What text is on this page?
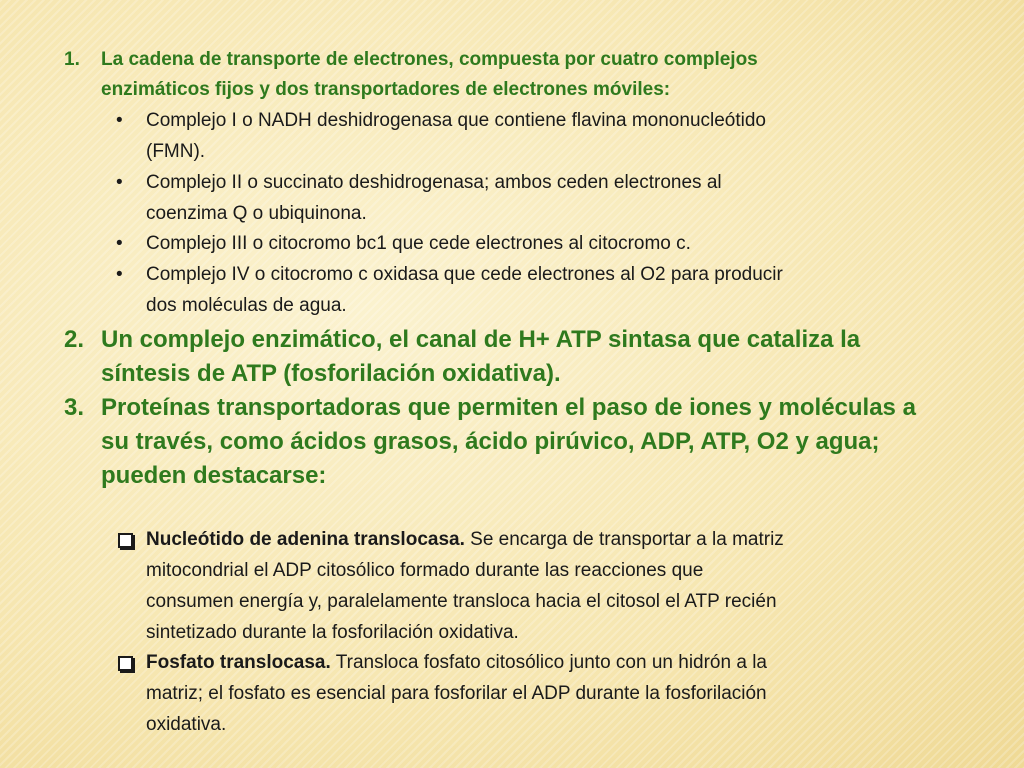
1. La cadena de transporte de electrones, compuesta por cuatro complejos
enzimáticos fijos y dos transportadores de electrones móviles:
• Complejo I o NADH deshidrogenasa que contiene flavina mononucleótido
(FMN).
• Complejo II o succinato deshidrogenasa; ambos ceden electrones al
coenzima Q o ubiquinona.
• Complejo III o citocromo bc1 que cede electrones al citocromo c.
• Complejo IV o citocromo c oxidasa que cede electrones al O2 para producir
dos moléculas de agua.
2. Un complejo enzimático, el canal de H+ ATP sintasa que cataliza la
síntesis de ATP (fosforilación oxidativa).
3. Proteínas transportadoras que permiten el paso de iones y moléculas a
su través, como ácidos grasos, ácido pirúvico, ADP, ATP, O2 y agua;
pueden destacarse:
Nucleótido de adenina translocasa. Se encarga de transportar a la matriz
mitocondrial el ADP citosólico formado durante las reacciones que
consumen energía y, paralelamente transloca hacia el citosol el ATP recién
sintetizado durante la fosforilación oxidativa.
Fosfato translocasa. Transloca fosfato citosólico junto con un hidrón a la
matriz; el fosfato es esencial para fosforilar el ADP durante la fosforilación
oxidativa.
